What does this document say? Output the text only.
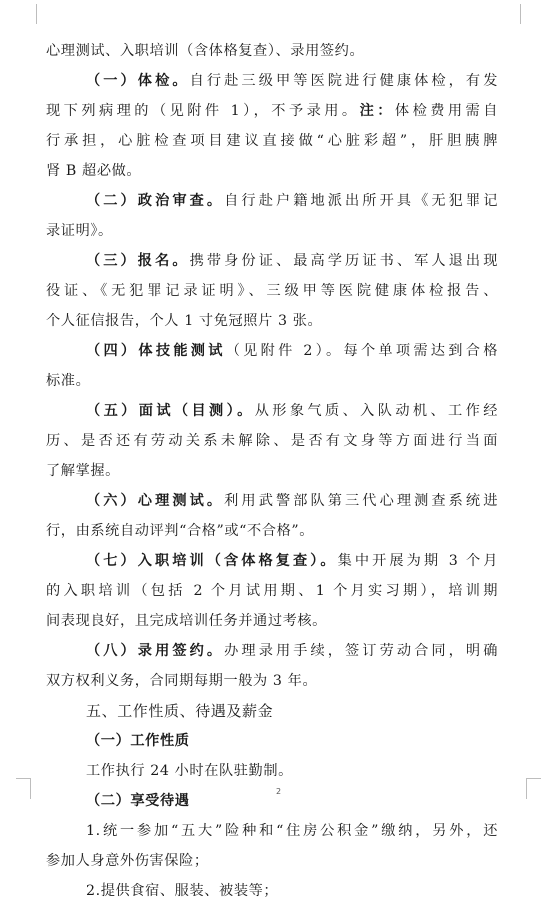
心理测试、入职培训（含体格复查）、录用签约。
（一）体检。自行赴三级甲等医院进行健康体检，有发
现下列病理的（见附件 1），不予录用。注：体检费用需自
行承担，心脏检查项目建议直接做“心脏彩超”，肝胆胰脾
肾 B 超必做。
（二）政治审查。自行赴户籍地派出所开具《无犯罪记
录证明》。
（三）报名。携带身份证、最高学历证书、军人退出现
役证、《无犯罪记录证明》、三级甲等医院健康体检报告、
个人征信报告，个人 1 寸免冠照片 3 张。
（四）体技能测试（见附件 2）。每个单项需达到合格
标准。
（五）面试（目测）。从形象气质、入队动机、工作经
历、是否还有劳动关系未解除、是否有文身等方面进行当面
了解掌握。
（六）心理测试。利用武警部队第三代心理测查系统进
行，由系统自动评判“合格”或“不合格”。
（七）入职培训（含体格复查）。集中开展为期 3 个月
的入职培训（包括 2 个月试用期、1 个月实习期），培训期
间表现良好，且完成培训任务并通过考核。
（八）录用签约。办理录用手续，签订劳动合同，明确
双方权利义务，合同期每期一般为 3 年。
五、工作性质、待遇及薪金
（一）工作性质
工作执行 24 小时在队驻勤制。
（二）享受待遇
1.统一参加“五大”险种和“住房公积金”缴纳，另外，还
参加人身意外伤害保险；
2.提供食宿、服装、被装等；
2
